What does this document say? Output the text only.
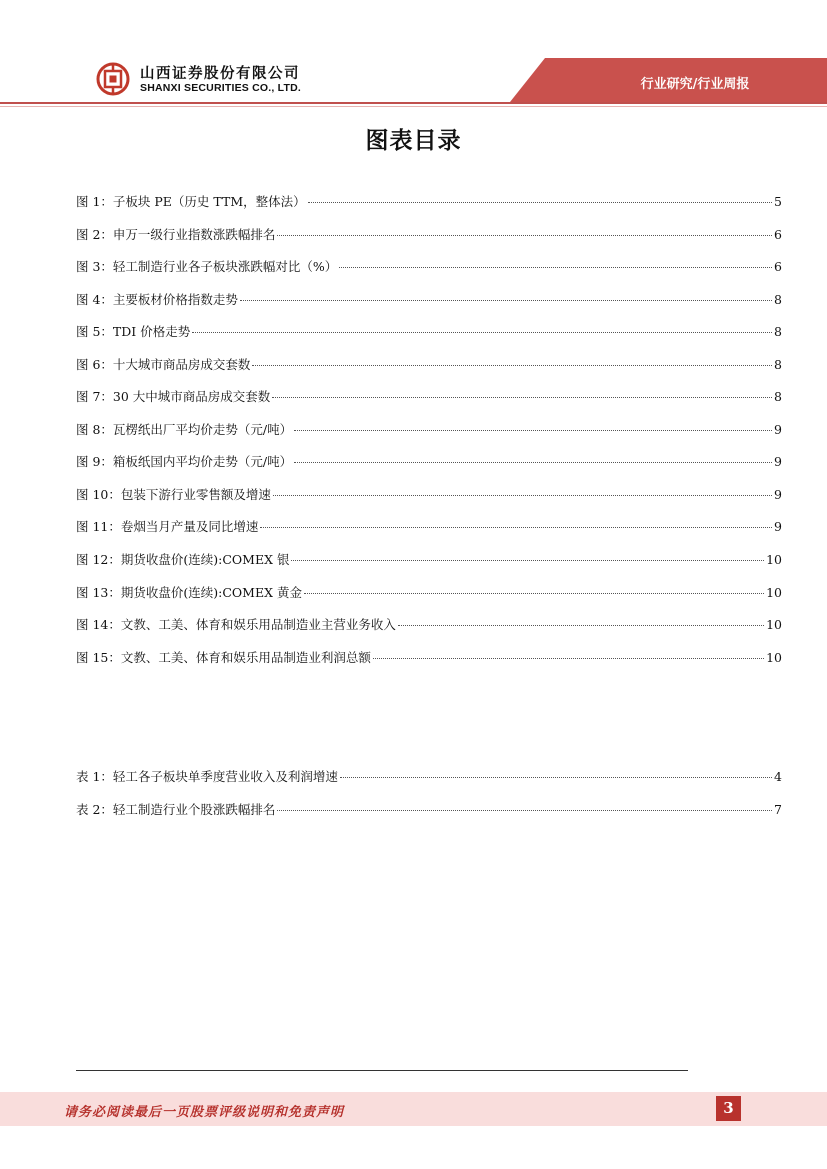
山西证券股份有限公司
SHANXI SECURITIES CO., LTD.	行业研究/行业周报
图表目录
图 1：子板块 PE（历史 TTM，整体法）	5
图 2：申万一级行业指数涨跌幅排名	6
图 3：轻工制造行业各子板块涨跌幅对比（%）	6
图 4：主要板材价格指数走势	8
图 5：TDI 价格走势	8
图 6：十大城市商品房成交套数	8
图 7：30 大中城市商品房成交套数	8
图 8：瓦楞纸出厂平均价走势（元/吨）	9
图 9：箱板纸国内平均价走势（元/吨）	9
图 10：包装下游行业零售额及增速	9
图 11：卷烟当月产量及同比增速	9
图 12：期货收盘价(连续):COMEX 银	10
图 13：期货收盘价(连续):COMEX 黄金	10
图 14：文教、工美、体育和娱乐用品制造业主营业务收入	10
图 15：文教、工美、体育和娱乐用品制造业利润总额	10
表 1：轻工各子板块单季度营业收入及利润增速	4
表 2：轻工制造行业个股涨跌幅排名	7
请务必阅读最后一页股票评级说明和免责声明	3
